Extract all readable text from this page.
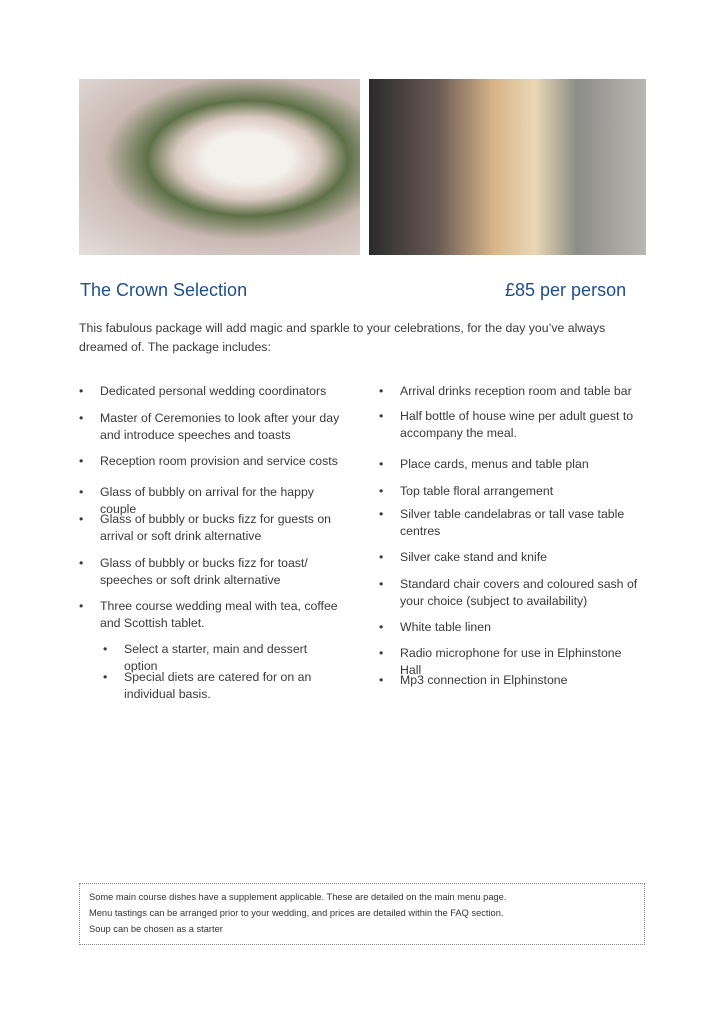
The Crown Selection	£85 per person
This fabulous package will add magic and sparkle to your celebrations, for the day you’ve always dreamed of. The package includes:
• Dedicated personal wedding coordinators
• Master of Ceremonies to look after your day and introduce speeches and toasts
• Reception room provision and service costs
• Glass of bubbly on arrival for the happy couple
• Glass of bubbly or bucks fizz for guests on arrival or soft drink alternative
• Glass of bubbly or bucks fizz for toast/ speeches or soft drink alternative
• Three course wedding meal with tea, coffee and Scottish tablet.
• Select a starter, main and dessert option
• Special diets are catered for on an individual basis.
• Arrival drinks reception room and table bar
• Half bottle of house wine per adult guest to accompany the meal.
• Place cards, menus and table plan
• Top table floral arrangement
• Silver table candelabras or tall vase table centres
• Silver cake stand and knife
• Standard chair covers and coloured sash of your choice (subject to availability)
• White table linen
• Radio microphone for use in Elphinstone Hall
• Mp3 connection in Elphinstone
Some main course dishes have a supplement applicable. These are detailed on the main menu page.
Menu tastings can be arranged prior to your wedding, and prices are detailed within the FAQ section.
Soup can be chosen as a starter
